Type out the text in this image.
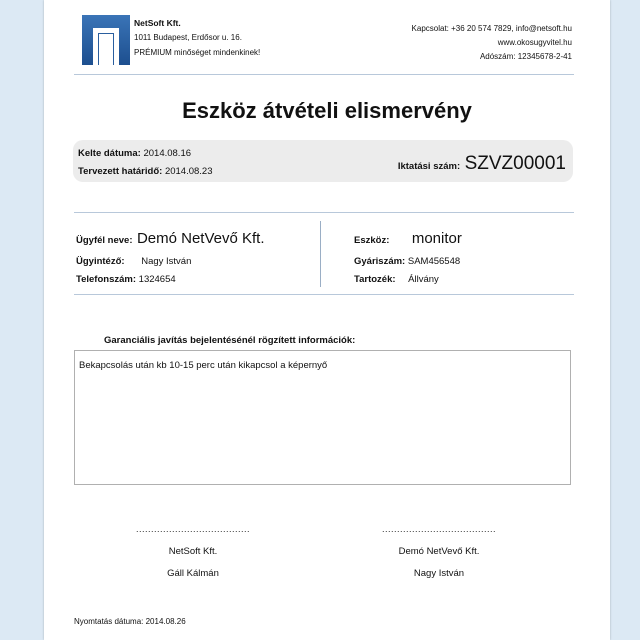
NetSoft Kft.
1011 Budapest, Erdősor u. 16.
PRÉMIUM minőséget mindenkinek!
Kapcsolat: +36 20 574 7829, info@netsoft.hu
www.okosugyvitel.hu
Adószám: 12345678-2-41
Eszköz átvételi elismervény
Kelte dátuma: 2014.08.16
Tervezett határidő: 2014.08.23	Iktatási szám: SZVZ00001
Ügyfél neve: Demó NetVevő Kft.
Ügyintéző: Nagy István
Telefonszám: 1324654
Eszköz: monitor
Gyáriszám: SAM456548
Tartozék: Állvány
Garanciális javítás bejelentésénél rögzített információk:
Bekapcsolás után kb 10-15 perc után kikapcsol a képernyő
......................................	......................................
NetSoft Kft.
Gáll Kálmán
Demó NetVevő Kft.
Nagy István
Nyomtatás dátuma: 2014.08.26
